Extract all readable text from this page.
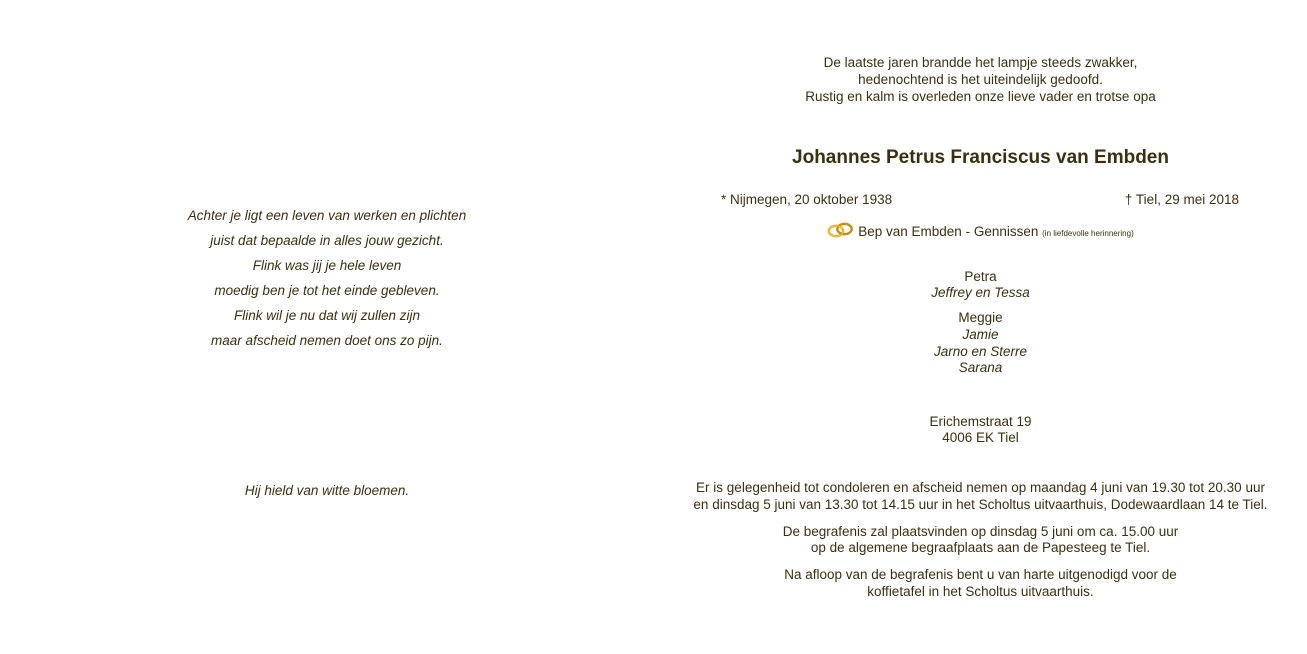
Achter je ligt een leven van werken en plichten
juist dat bepaalde in alles jouw gezicht.
Flink was jij je hele leven
moedig ben je tot het einde gebleven.
Flink wil je nu dat wij zullen zijn
maar afscheid nemen doet ons zo pijn.
Hij hield van witte bloemen.
De laatste jaren brandde het lampje steeds zwakker,
hedenochtend is het uiteindelijk gedoofd.
Rustig en kalm is overleden onze lieve vader en trotse opa
Johannes Petrus Franciscus van Embden
* Nijmegen, 20 oktober 1938	† Tiel, 29 mei 2018
Bep van Embden - Gennissen (in liefdevolle herinnering)
Petra
Jeffrey en Tessa
Meggie
Jamie
Jarno en Sterre
Sarana
Erichemstraat 19
4006 EK Tiel
Er is gelegenheid tot condoleren en afscheid nemen op maandag 4 juni van 19.30 tot 20.30 uur
en dinsdag 5 juni van 13.30 tot 14.15 uur in het Scholtus uitvaarthuis, Dodewaardlaan 14 te Tiel.
De begrafenis zal plaatsvinden op dinsdag 5 juni om ca. 15.00 uur
op de algemene begraafplaats aan de Papesteeg te Tiel.
Na afloop van de begrafenis bent u van harte uitgenodigd voor de
koffietafel in het Scholtus uitvaarthuis.
